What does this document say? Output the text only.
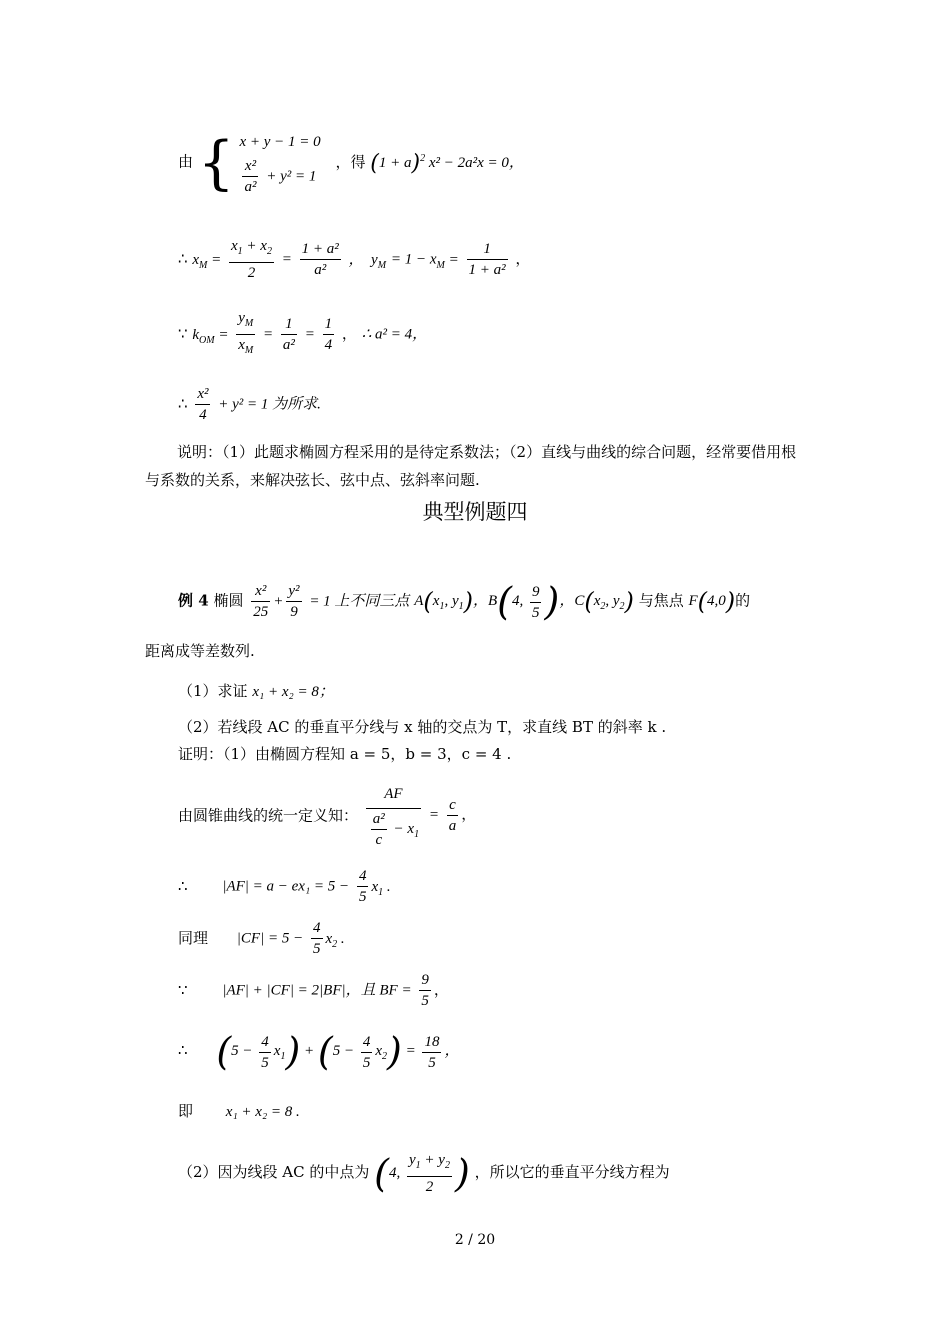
由 { x + y − 1 = 0
$\frac{\text{x²}}{\text{a²}} + y^2 = 1$
，得 $(1 + a)^2$ x² − 2a²x = 0，
∴ $x_M = \frac{x_1 + x_2}{2} = \frac{\text{1 + a²}}{\text{a²}}$ ，  $y_M = 1 - x_M = \frac{1}{\text{1 + a²}}$ ，
∵ $k_{OM} = \frac{y_M}{x_M} = \frac{1}{\text{a²}} = \frac{1}{4}$ ， ∴ a² = 4，
∴ $\frac{\text{x²}}{4} + y^2 = 1$ 为所求.
说明：（1）此题求椭圆方程采用的是待定系数法；（2）直线与曲线的综合问题，经常要借用根与系数的关系，来解决弦长、弦中点、弦斜率问题.
典型例题四
例 4 椭圆 $\frac{\text{x²}}{25} + \frac{\text{y²}}{9} = 1$ 上不同三点 $A(x_1$, $y_1$)，B(4, $\frac{9}{5}$ )，$C(x_2$, $y_2$) 与焦点 F(4,0)的
距离成等差数列.
（1）求证 x₁ + x₂ = 8；
（2）若线段 AC 的垂直平分线与 x 轴的交点为 T，求直线 BT 的斜率 k .
证明：（1）由椭圆方程知 a = 5，b = 3，c = 4 .
由圆锥曲线的统一定义知： $\frac{AF}{\frac{\text{a²}}{c} - x_1} = \frac{c}{a}$ ，
∴ $|AF| = a - ex_1 = 5 - \frac{4}{5} x_1$ .
同理 $|CF| = 5 - \frac{4}{5} x_2$ .
∵ |AF| + |CF| = 2|BF|，且 BF = $\frac{9}{5}$ ，
∴ $(5 - \frac{4}{5} x_1) + (5 - \frac{4}{5} x_2) = \frac{18}{5}$ ，
即 x₁ + x₂ = 8 .
（2）因为线段 AC 的中点为 (4, $\frac{y_1 + y_2}{2}$ ) ，所以它的垂直平分线方程为
2 / 20
